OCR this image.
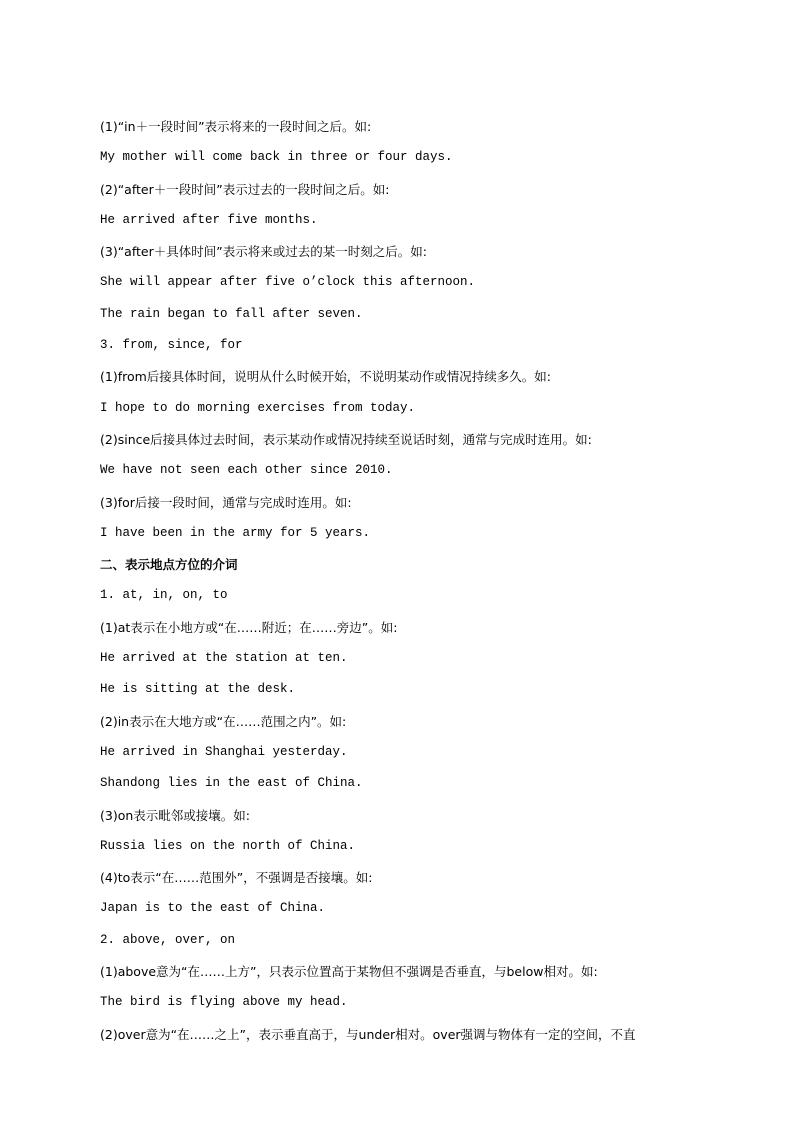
(1)“in＋一段时间”表示将来的一段时间之后。如:
My mother will come back in three or four days.
(2)“after＋一段时间”表示过去的一段时间之后。如:
He arrived after five months.
(3)“after＋具体时间”表示将来或过去的某一时刻之后。如:
She will appear after five o’clock this afternoon.
The rain began to fall after seven.
3. from, since, for
(1)from后接具体时间，说明从什么时候开始，不说明某动作或情况持续多久。如:
I hope to do morning exercises from today.
(2)since后接具体过去时间，表示某动作或情况持续至说话时刻，通常与完成时连用。如:
We have not seen each other since 2010.
(3)for后接一段时间，通常与完成时连用。如:
I have been in the army for 5 years.
二、表示地点方位的介词
1. at, in, on, to
(1)at表示在小地方或“在……附近；在……旁边”。如:
He arrived at the station at ten.
He is sitting at the desk.
(2)in表示在大地方或“在……范围之内”。如:
He arrived in Shanghai yesterday.
Shandong lies in the east of China.
(3)on表示毗邻或接壤。如:
Russia lies on the north of China.
(4)to表示“在……范围外”，不强调是否接壤。如:
Japan is to the east of China.
2. above, over, on
(1)above意为“在……上方”，只表示位置高于某物但不强调是否垂直，与below相对。如:
The bird is flying above my head.
(2)over意为“在……之上”，表示垂直高于，与under相对。over强调与物体有一定的空间，不直
